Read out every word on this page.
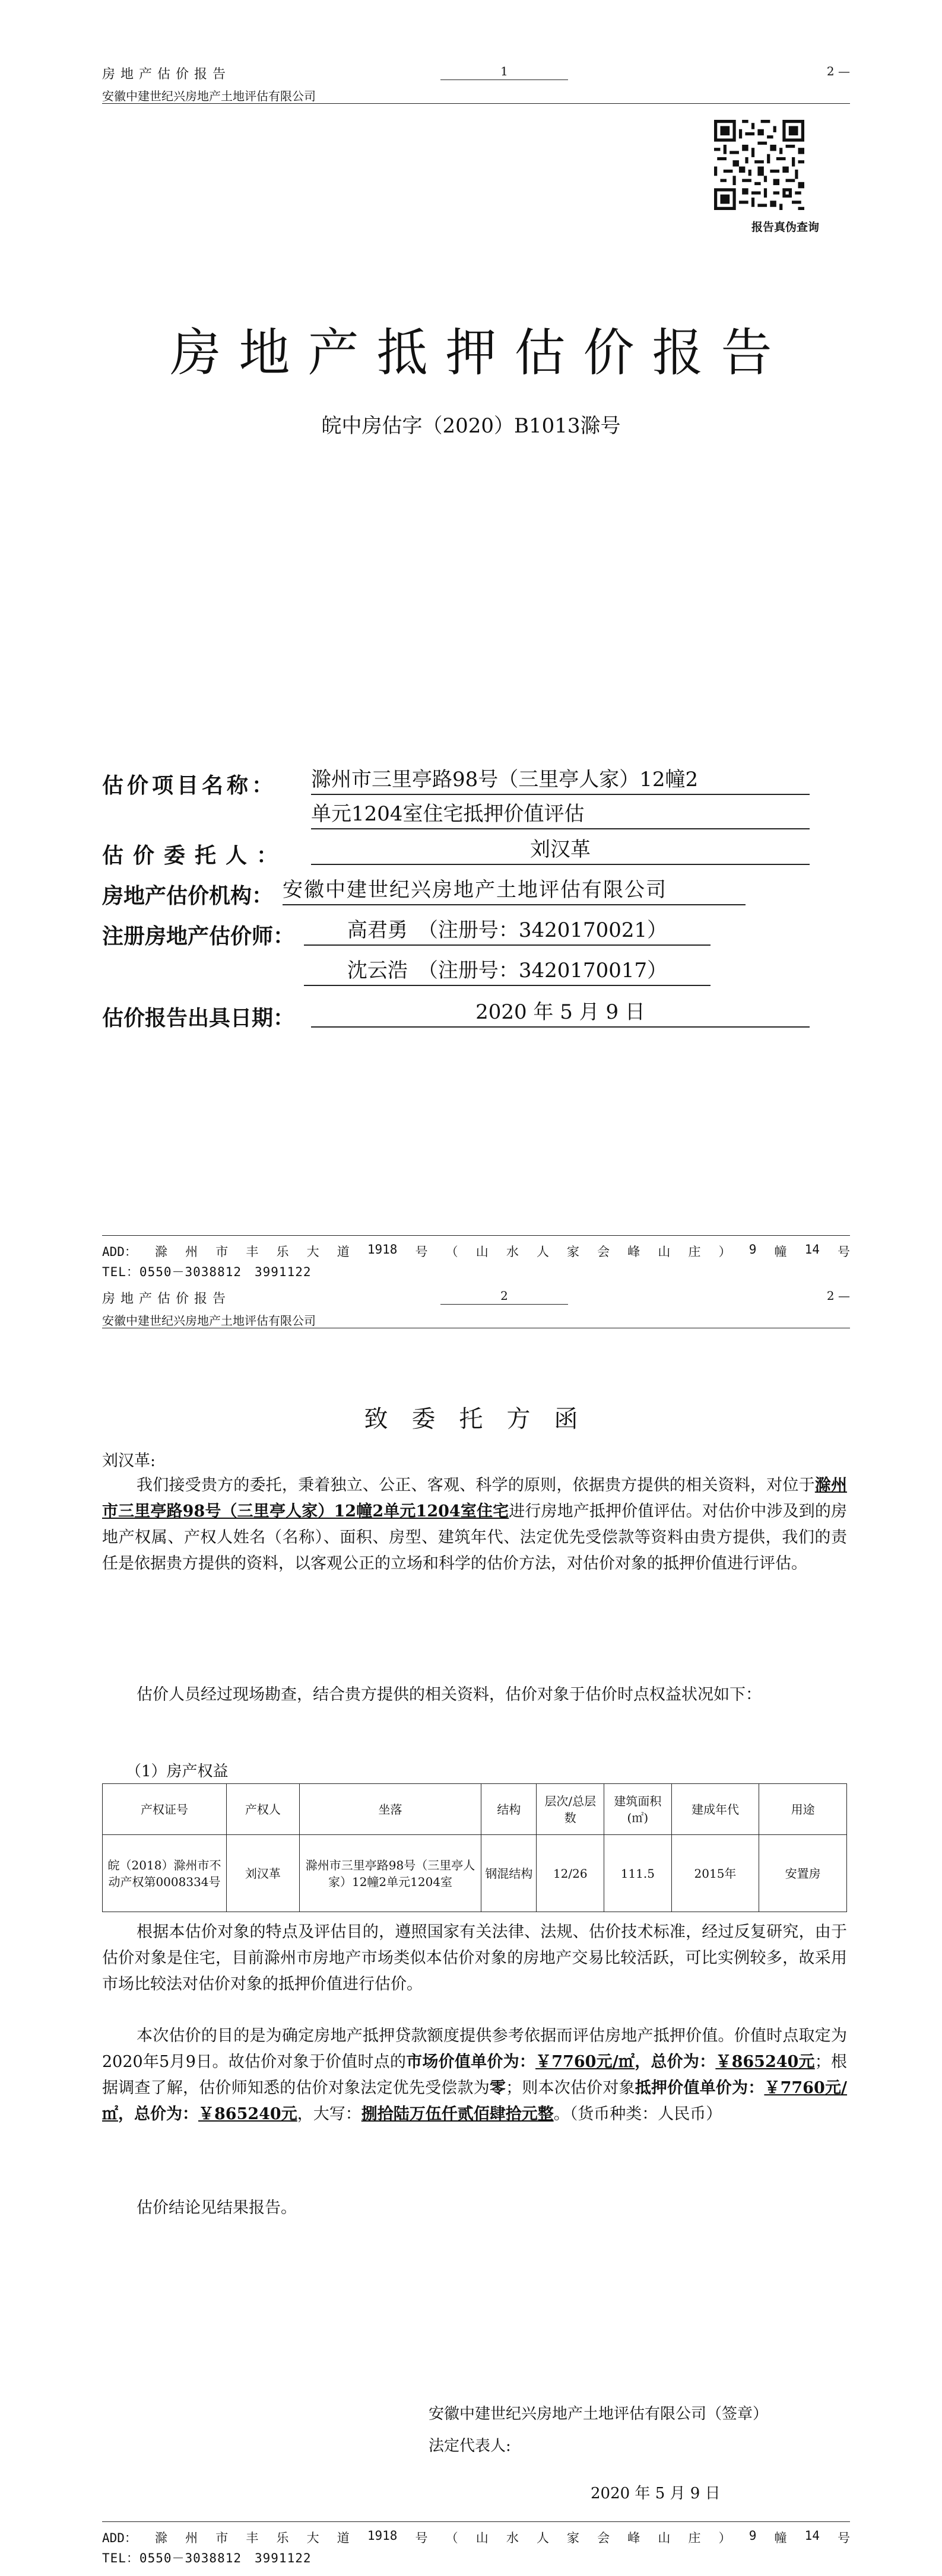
房地产估价报告
安徽中建世纪兴房地产土地评估有限公司
1	2 —
报告真伪查询
房地产抵押估价报告
皖中房估字（2020）B1013滁号
估价项目名称： 滁州市三里亭路98号（三里亭人家）12幢2
单元1204室住宅抵押价值评估
估价委托人：	刘汉革
房地产估价机构： 安徽中建世纪兴房地产土地评估有限公司
注册房地产估价师：	高君勇　（注册号：3420170021）
沈云浩　（注册号：3420170017）
估价报告出具日期：	2020 年 5 月 9 日
ADD： 滁 州 市 丰 乐 大 道 1918 号 （ 山 水 人 家 会 峰 山 庄 ） 9 幢 14 号
TEL：0550－3038812　3991122
房地产估价报告
安徽中建世纪兴房地产土地评估有限公司
2	2 —
致委托方函
刘汉革:
我们接受贵方的委托，秉着独立、公正、客观、科学的原则，依据贵方提供的相关资料，对位于滁州市三里亭路98号（三里亭人家）12幢2单元1204室住宅进行房地产抵押价值评估。对估价中涉及到的房地产权属、产权人姓名（名称）、面积、房型、建筑年代、法定优先受偿款等资料由贵方提供，我们的责任是依据贵方提供的资料，以客观公正的立场和科学的估价方法，对估价对象的抵押价值进行评估。
估价人员经过现场勘查，结合贵方提供的相关资料，估价对象于估价时点权益状况如下：
（1）房产权益
产权证号	产权人	坐落	结构	层次/总层数	建筑面积(㎡)	建成年代	用途
皖（2018）滁州市不动产权第0008334号	刘汉革	滁州市三里亭路98号（三里亭人家）12幢2单元1204室	钢混结构	12/26	111.5	2015年	安置房
根据本估价对象的特点及评估目的，遵照国家有关法律、法规、估价技术标准，经过反复研究，由于估价对象是住宅，目前滁州市房地产市场类似本估价对象的房地产交易比较活跃，可比实例较多，故采用市场比较法对估价对象的抵押价值进行估价。
本次估价的目的是为确定房地产抵押贷款额度提供参考依据而评估房地产抵押价值。价值时点取定为2020年5月9日。故估价对象于价值时点的市场价值单价为：￥7760元/㎡，总价为：￥865240元；根据调查了解，估价师知悉的估价对象法定优先受偿款为零；则本次估价对象抵押价值单价为：￥7760元/㎡，总价为：￥865240元，大写：捌拾陆万伍仟贰佰肆拾元整。（货币种类：人民币）
估价结论见结果报告。
安徽中建世纪兴房地产土地评估有限公司（签章）
法定代表人:
2020 年 5 月 9 日
ADD： 滁 州 市 丰 乐 大 道 1918 号 （ 山 水 人 家 会 峰 山 庄 ） 9 幢 14 号
TEL：0550－3038812　3991122
